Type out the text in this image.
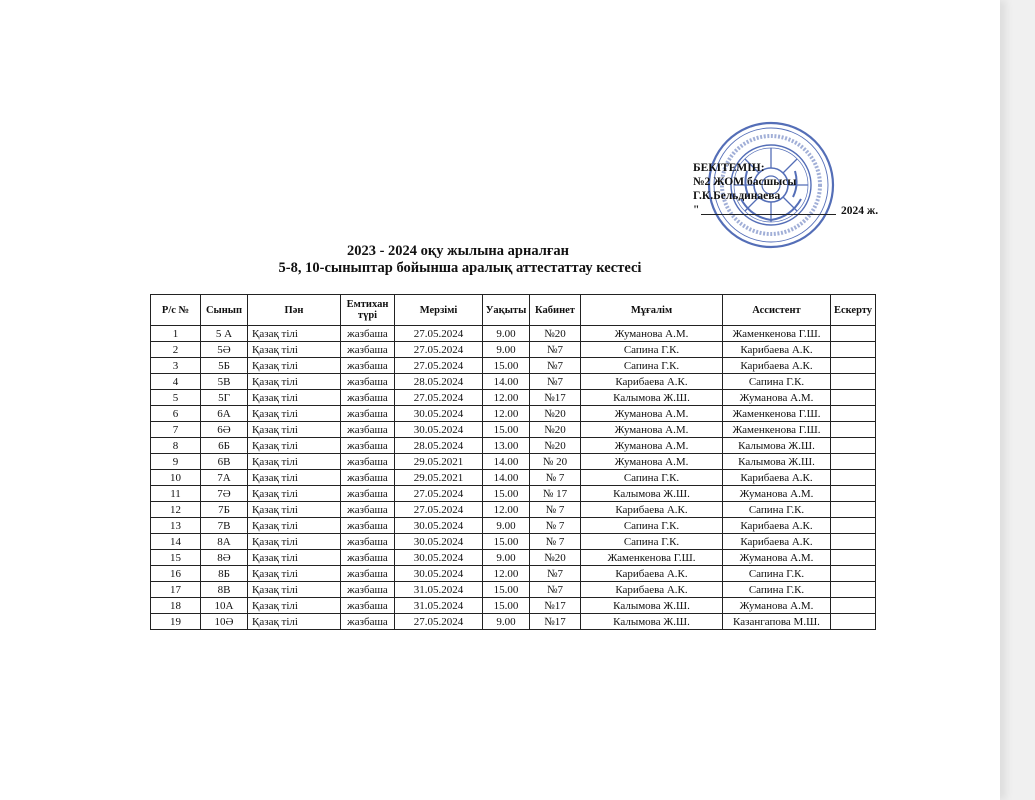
БЕКІТЕМІН:
№2 ЖОМ басшысы
Г.К.Бельдинаева
"	2024 ж.
2023 - 2024 оқу жылына арналған
5-8, 10-сыныптар бойынша аралық аттестаттау кестесі
Р/с №	Сынып	Пән	Емтихан түрі	Мерзімі	Уақыты	Кабинет	Мұғалім	Ассистент	Ескерту
1	5 А	Қазақ тілі	жазбаша	27.05.2024	9.00	№20	Жуманова А.М.	Жаменкенова Г.Ш.	
2	5Ә	Қазақ тілі	жазбаша	27.05.2024	9.00	№7	Сапина Г.К.	Карибаева А.К.	
3	5Б	Қазақ тілі	жазбаша	27.05.2024	15.00	№7	Сапина Г.К.	Карибаева А.К.	
4	5В	Қазақ тілі	жазбаша	28.05.2024	14.00	№7	Карибаева А.К.	Сапина Г.К.	
5	5Г	Қазақ тілі	жазбаша	27.05.2024	12.00	№17	Калымова Ж.Ш.	Жуманова А.М.	
6	6А	Қазақ тілі	жазбаша	30.05.2024	12.00	№20	Жуманова А.М.	Жаменкенова Г.Ш.	
7	6Ә	Қазақ тілі	жазбаша	30.05.2024	15.00	№20	Жуманова А.М.	Жаменкенова Г.Ш.	
8	6Б	Қазақ тілі	жазбаша	28.05.2024	13.00	№20	Жуманова А.М.	Калымова Ж.Ш.	
9	6В	Қазақ тілі	жазбаша	29.05.2021	14.00	№ 20	Жуманова А.М.	Калымова Ж.Ш.	
10	7А	Қазақ тілі	жазбаша	29.05.2021	14.00	№ 7	Сапина Г.К.	Карибаева А.К.	
11	7Ә	Қазақ тілі	жазбаша	27.05.2024	15.00	№ 17	Калымова Ж.Ш.	Жуманова А.М.	
12	7Б	Қазақ тілі	жазбаша	27.05.2024	12.00	№ 7	Карибаева А.К.	Сапина Г.К.	
13	7В	Қазақ тілі	жазбаша	30.05.2024	9.00	№ 7	Сапина Г.К.	Карибаева А.К.	
14	8А	Қазақ тілі	жазбаша	30.05.2024	15.00	№ 7	Сапина Г.К.	Карибаева А.К.	
15	8Ә	Қазақ тілі	жазбаша	30.05.2024	9.00	№20	Жаменкенова Г.Ш.	Жуманова А.М.	
16	8Б	Қазақ тілі	жазбаша	30.05.2024	12.00	№7	Карибаева А.К.	Сапина Г.К.	
17	8В	Қазақ тілі	жазбаша	31.05.2024	15.00	№7	Карибаева А.К.	Сапина Г.К.	
18	10А	Қазақ тілі	жазбаша	31.05.2024	15.00	№17	Калымова Ж.Ш.	Жуманова А.М.	
19	10Ә	Қазақ тілі	жазбаша	27.05.2024	9.00	№17	Калымова Ж.Ш.	Казангапова М.Ш.	
